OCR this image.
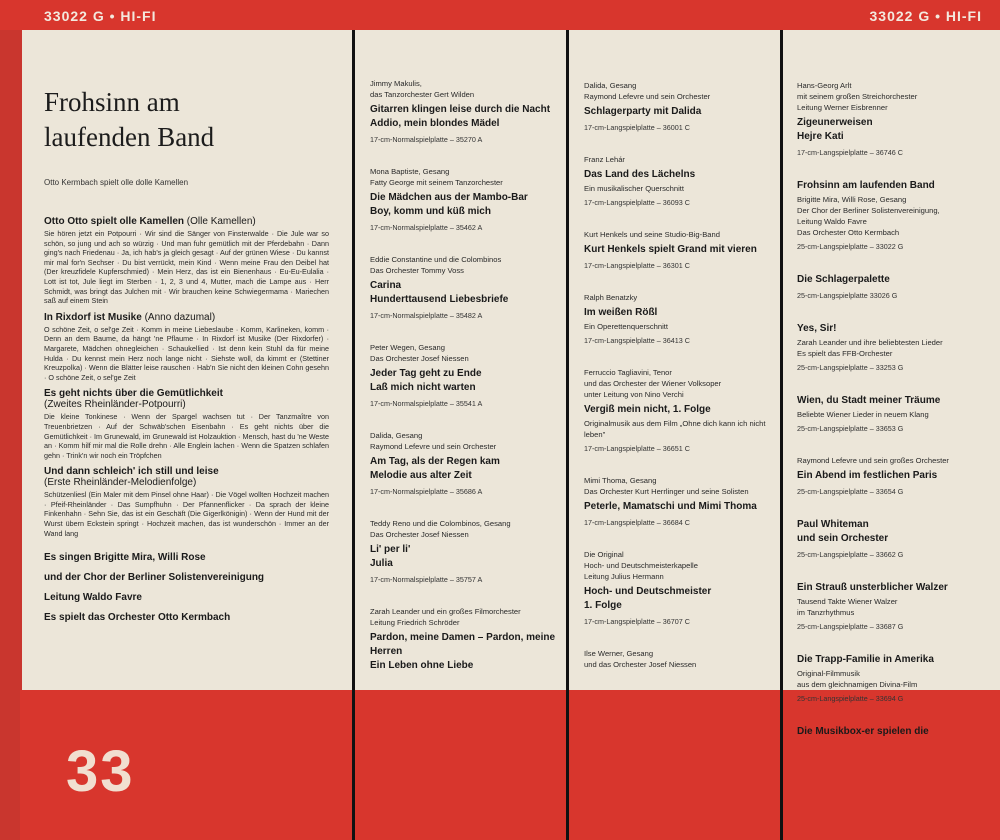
33022 G • HI-FI	33022 G • HI-FI
33
Frohsinn am
laufenden Band
Otto Kermbach spielt olle dolle Kamellen
Otto Otto spielt olle Kamellen (Olle Kamellen)
Sie hören jetzt ein Potpourri · Wir sind die Sänger von Finsterwalde · Die Jule war so schön, so jung und ach so würzig · Und man fuhr gemütlich mit der Pferdebahn · Dann ging's nach Friedenau · Ja, ich hab's ja gleich gesagt · Auf der grünen Wiese · Du kannst mir mal for'n Sechser · Du bist verrückt, mein Kind · Wenn meine Frau den Deibel hat (Der kreuzfidele Kupferschmied) · Mein Herz, das ist ein Bienenhaus · Eu-Eu-Eulalia · Lott ist tot, Jule liegt im Sterben · 1, 2, 3 und 4, Mutter, mach die Lampe aus · Herr Schmidt, was bringt das Julchen mit · Wir brauchen keine Schwiegermama · Mariechen saß auf einem Stein
In Rixdorf ist Musike (Anno dazumal)
O schöne Zeit, o sel'ge Zeit · Komm in meine Liebeslaube · Komm, Karlineken, komm · Denn an dem Baume, da hängt 'ne Pflaume · In Rixdorf ist Musike (Der Rixdorfer) · Margarete, Mädchen ohnegleichen · Schaukellied · Ist denn kein Stuhl da für meine Hulda · Du kennst mein Herz noch lange nicht · Siehste woll, da kimmt er (Stettiner Kreuzpolka) · Wenn die Blätter leise rauschen · Hab'n Sie nicht den kleinen Cohn gesehn · O schöne Zeit, o sel'ge Zeit
Es geht nichts über die Gemütlichkeit
(Zweites Rheinländer-Potpourri)
Die kleine Tonkinese · Wenn der Spargel wachsen tut · Der Tanzmaître von Treuenbrietzen · Auf der Schwäb'schen Eisenbahn · Es geht nichts über die Gemütlichkeit · Im Grunewald, im Grunewald ist Holzauktion · Mensch, hast du 'ne Weste an · Komm hilf mir mal die Rolle drehn · Alle Englein lachen · Wenn die Spatzen schlafen gehn · Trink'n wir noch ein Tröpfchen
Und dann schleich' ich still und leise
(Erste Rheinländer-Melodienfolge)
Schützenliesl (Ein Maler mit dem Pinsel ohne Haar) · Die Vögel wollten Hochzeit machen · Pfeif-Rheinländer · Das Sumpfhuhn · Der Pfannenflicker · Da sprach der kleine Finkenhahn · Sehn Sie, das ist ein Geschäft (Die Gigerlkönigin) · Wenn der Hund mit der Wurst übern Eckstein springt · Hochzeit machen, das ist wunderschön · Immer an der Wand lang
Es singen Brigitte Mira, Willi Rose
und der Chor der Berliner Solistenvereinigung
Leitung Waldo Favre
Es spielt das Orchester Otto Kermbach
Jimmy Makulis,
das Tanzorchester Gert Wilden
Gitarren klingen leise durch die Nacht
Addio, mein blondes Mädel
17-cm-Normalspielplatte – 35270 A
Mona Baptiste, Gesang
Fatty George mit seinem Tanzorchester
Die Mädchen aus der Mambo-Bar
Boy, komm und küß mich
17-cm-Normalspielplatte – 35462 A
Eddie Constantine und die Colombinos
Das Orchester Tommy Voss
Carina
Hunderttausend Liebesbriefe
17-cm-Normalspielplatte – 35482 A
Peter Wegen, Gesang
Das Orchester Josef Niessen
Jeder Tag geht zu Ende
Laß mich nicht warten
17-cm-Normalspielplatte – 35541 A
Dalida, Gesang
Raymond Lefevre und sein Orchester
Am Tag, als der Regen kam
Melodie aus alter Zeit
17-cm-Normalspielplatte – 35686 A
Teddy Reno und die Colombinos, Gesang
Das Orchester Josef Niessen
Li' per li'
Julia
17-cm-Normalspielplatte – 35757 A
Zarah Leander und ein großes Filmorchester
Leitung Friedrich Schröder
Pardon, meine Damen – Pardon, meine Herren
Ein Leben ohne Liebe
Dalida, Gesang
Raymond Lefevre und sein Orchester
Schlagerparty mit Dalida
17-cm-Langspielplatte – 36001 C
Franz Lehár
Das Land des Lächelns
Ein musikalischer Querschnitt
17-cm-Langspielplatte – 36093 C
Kurt Henkels und seine Studio-Big-Band
Kurt Henkels spielt Grand mit vieren
17-cm-Langspielplatte – 36301 C
Ralph Benatzky
Im weißen Rößl
Ein Operettenquerschnitt
17-cm-Langspielplatte – 36413 C
Ferruccio Tagliavini, Tenor
und das Orchester der Wiener Volksoper
unter Leitung von Nino Verchi
Vergiß mein nicht, 1. Folge
Originalmusik aus dem Film „Ohne dich kann ich nicht leben"
17-cm-Langspielplatte – 36651 C
Mimi Thoma, Gesang
Das Orchester Kurt Herrlinger und seine Solisten
Peterle, Mamatschi und Mimi Thoma
17-cm-Langspielplatte – 36684 C
Die Original
Hoch- und Deutschmeisterkapelle
Leitung Julius Hermann
Hoch- und Deutschmeister
1. Folge
17-cm-Langspielplatte – 36707 C
Ilse Werner, Gesang
und das Orchester Josef Niessen
Hans-Georg Arlt
mit seinem großen Streichorchester
Leitung Werner Eisbrenner
Zigeunerweisen
Hejre Kati
17-cm-Langspielplatte – 36746 C
Frohsinn am laufenden Band
Brigitte Mira, Willi Rose, Gesang
Der Chor der Berliner Solistenvereinigung,
Leitung Waldo Favre
Das Orchester Otto Kermbach
25-cm-Langspielplatte – 33022 G
Die Schlagerpalette
25-cm-Langspielplatte 33026 G
Yes, Sir!
Zarah Leander und ihre beliebtesten Lieder
Es spielt das FFB-Orchester
25-cm-Langspielplatte – 33253 G
Wien, du Stadt meiner Träume
Beliebte Wiener Lieder in neuem Klang
25-cm-Langspielplatte – 33653 G
Raymond Lefevre und sein großes Orchester
Ein Abend im festlichen Paris
25-cm-Langspielplatte – 33654 G
Paul Whiteman
und sein Orchester
25-cm-Langspielplatte – 33662 G
Ein Strauß unsterblicher Walzer
Tausend Takte Wiener Walzer
im Tanzrhythmus
25-cm-Langspielplatte – 33687 G
Die Trapp-Familie in Amerika
Original-Filmmusik
aus dem gleichnamigen Divina-Film
25-cm-Langspielplatte – 33694 G
Die Musikbox-er spielen die
